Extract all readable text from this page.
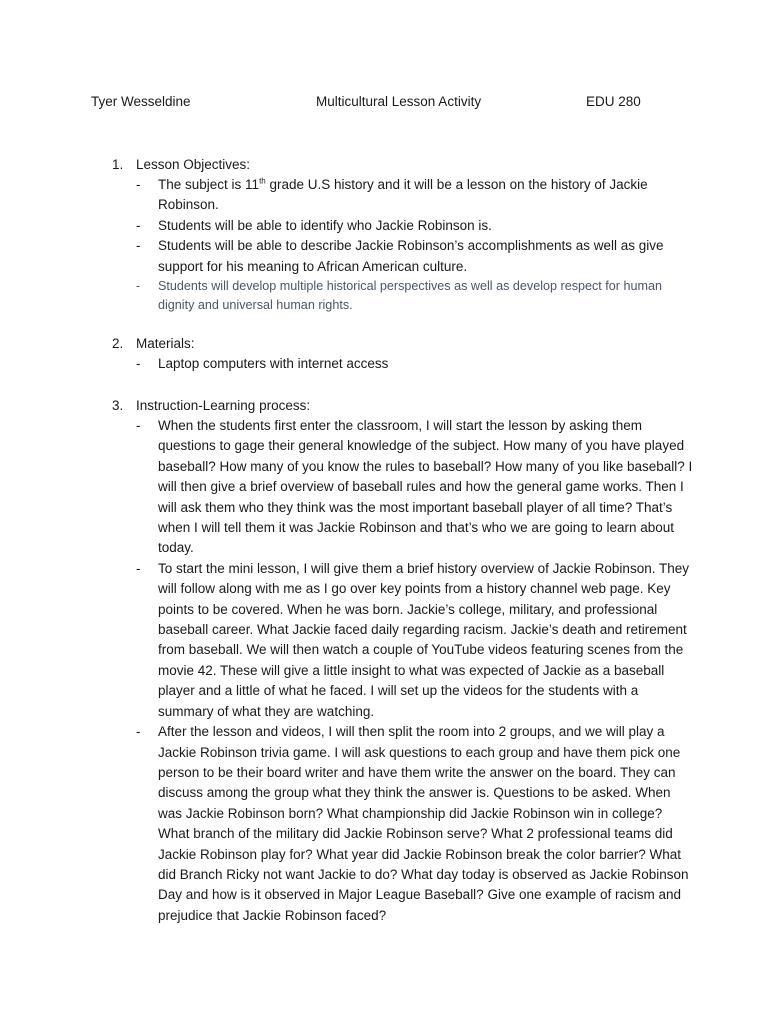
Tyer Wesseldine	Multicultural Lesson Activity	EDU 280
1. Lesson Objectives:
- The subject is 11th grade U.S history and it will be a lesson on the history of Jackie Robinson.
- Students will be able to identify who Jackie Robinson is.
- Students will be able to describe Jackie Robinson’s accomplishments as well as give support for his meaning to African American culture.
- Students will develop multiple historical perspectives as well as develop respect for human dignity and universal human rights.
2. Materials:
- Laptop computers with internet access
3. Instruction-Learning process:
- When the students first enter the classroom, I will start the lesson by asking them questions to gage their general knowledge of the subject. How many of you have played baseball? How many of you know the rules to baseball? How many of you like baseball? I will then give a brief overview of baseball rules and how the general game works. Then I will ask them who they think was the most important baseball player of all time? That’s when I will tell them it was Jackie Robinson and that’s who we are going to learn about today.
- To start the mini lesson, I will give them a brief history overview of Jackie Robinson. They will follow along with me as I go over key points from a history channel web page. Key points to be covered. When he was born. Jackie’s college, military, and professional baseball career. What Jackie faced daily regarding racism. Jackie’s death and retirement from baseball. We will then watch a couple of YouTube videos featuring scenes from the movie 42. These will give a little insight to what was expected of Jackie as a baseball player and a little of what he faced. I will set up the videos for the students with a summary of what they are watching.
- After the lesson and videos, I will then split the room into 2 groups, and we will play a Jackie Robinson trivia game. I will ask questions to each group and have them pick one person to be their board writer and have them write the answer on the board. They can discuss among the group what they think the answer is. Questions to be asked. When was Jackie Robinson born? What championship did Jackie Robinson win in college? What branch of the military did Jackie Robinson serve? What 2 professional teams did Jackie Robinson play for? What year did Jackie Robinson break the color barrier? What did Branch Ricky not want Jackie to do? What day today is observed as Jackie Robinson Day and how is it observed in Major League Baseball? Give one example of racism and prejudice that Jackie Robinson faced?
